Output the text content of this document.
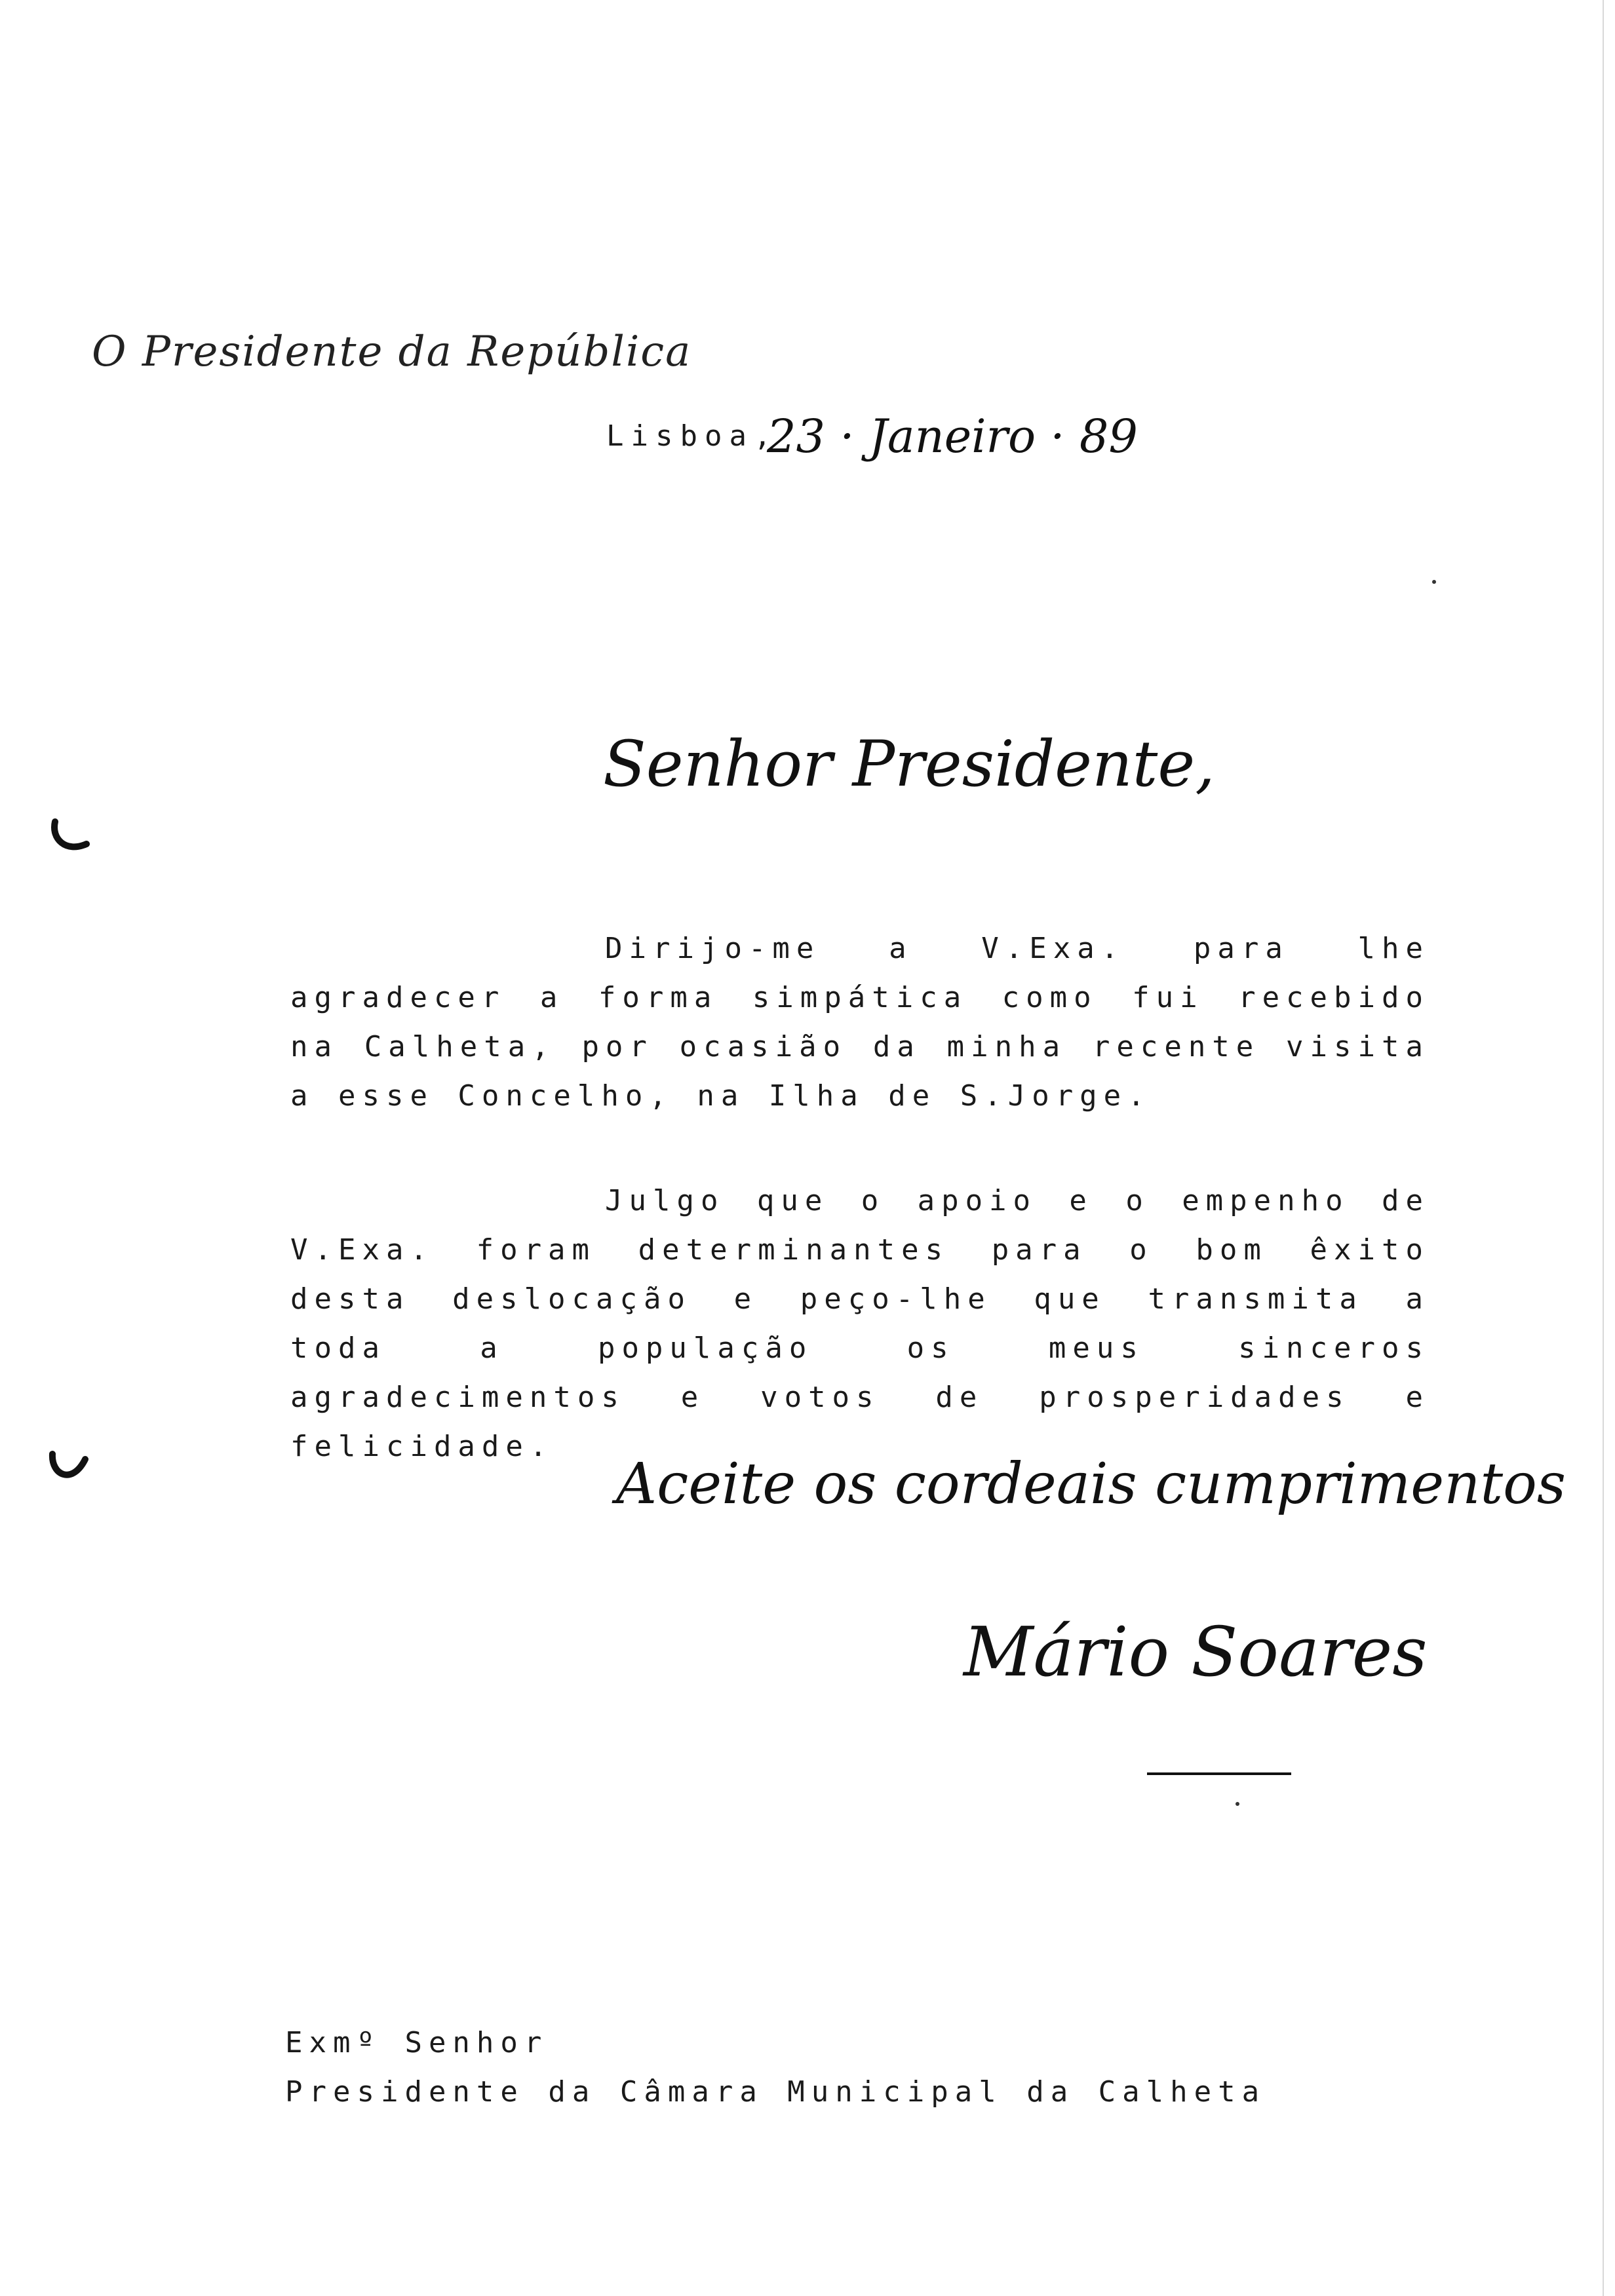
O Presidente da República
Lisboa,
23 · Janeiro · 89
Senhor Presidente,

Dirijo-me a V.Exa. para lhe agradecer a forma simpática como fui recebido na Calheta, por ocasião da minha recente visita a esse Concelho, na Ilha de S.Jorge.

Julgo que o apoio e o empenho de V.Exa. foram determinantes para o bom êxito desta deslocação e peço-lhe que transmita a toda a população os meus sinceros agradecimentos e votos de prosperidades e felicidade.

Aceite os cordeais cumprimentos
Mário Soares
Exmº Senhor
Presidente da Câmara Municipal da Calheta
